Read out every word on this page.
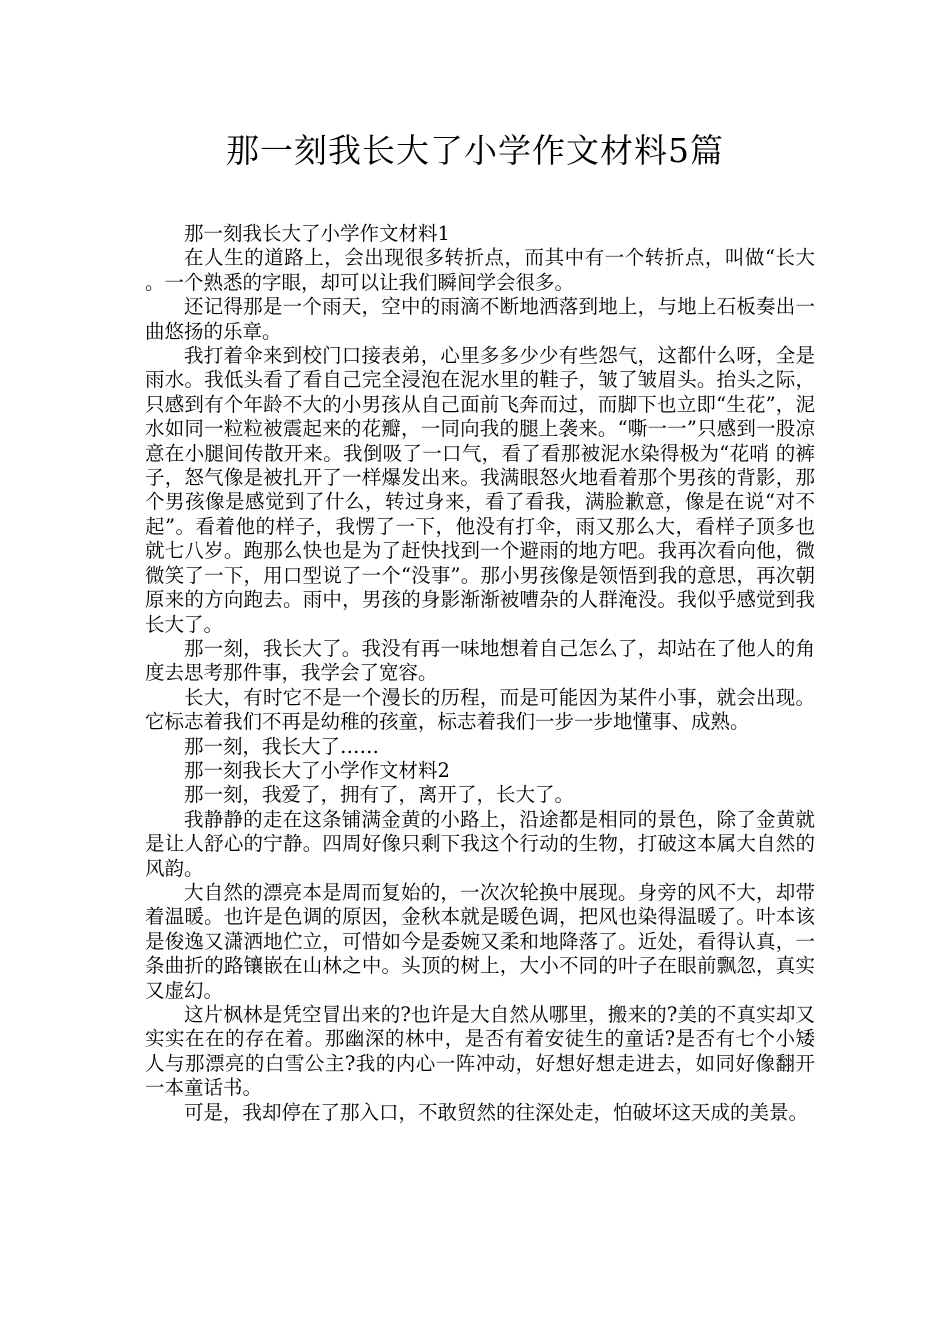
那一刻我长大了小学作文材料5篇

那一刻我长大了小学作文材料1

在人生的道路上，会出现很多转折点，而其中有一个转折点，叫做“长大 。一个熟悉的字眼，却可以让我们瞬间学会很多。

还记得那是一个雨天，空中的雨滴不断地洒落到地上，与地上石板奏出一曲悠扬的乐章。

我打着伞来到校门口接表弟，心里多多少少有些怨气，这都什么呀，全是雨水。我低头看了看自己完全浸泡在泥水里的鞋子，皱了皱眉头。抬头之际，只感到有个年龄不大的小男孩从自己面前飞奔而过，而脚下也立即“生花”，泥水如同一粒粒被震起来的花瓣，一同向我的腿上袭来。“嘶一一”只感到一股凉意在小腿间传散开来。我倒吸了一口气，看了看那被泥水染得极为“花哨 的裤子，怒气像是被扎开了一样爆发出来。我满眼怒火地看着那个男孩的背影，那个男孩像是感觉到了什么，转过身来，看了看我，满脸歉意，像是在说“对不起”。看着他的样子，我愣了一下，他没有打伞，雨又那么大，看样子顶多也就七八岁。跑那么快也是为了赶快找到一个避雨的地方吧。我再次看向他，微微笑了一下，用口型说了一个“没事”。那小男孩像是领悟到我的意思，再次朝原来的方向跑去。雨中，男孩的身影渐渐被嘈杂的人群淹没。我似乎感觉到我长大了。

那一刻，我长大了。我没有再一味地想着自己怎么了，却站在了他人的角度去思考那件事，我学会了宽容。

长大，有时它不是一个漫长的历程，而是可能因为某件小事，就会出现。它标志着我们不再是幼稚的孩童，标志着我们一步一步地懂事、成熟。

那一刻，我长大了……

那一刻我长大了小学作文材料2

那一刻，我爱了，拥有了，离开了，长大了。

我静静的走在这条铺满金黄的小路上，沿途都是相同的景色，除了金黄就是让人舒心的宁静。四周好像只剩下我这个行动的生物，打破这本属大自然的风韵。

大自然的漂亮本是周而复始的，一次次轮换中展现。身旁的风不大，却带着温暖。也许是色调的原因，金秋本就是暖色调，把风也染得温暖了。叶本该是俊逸又潇洒地伫立，可惜如今是委婉又柔和地降落了。近处，看得认真，一条曲折的路镶嵌在山林之中。头顶的树上，大小不同的叶子在眼前飘忽，真实又虚幻。

这片枫林是凭空冒出来的?也许是大自然从哪里，搬来的?美的不真实却又实实在在的存在着。那幽深的林中，是否有着安徒生的童话?是否有七个小矮人与那漂亮的白雪公主?我的内心一阵冲动，好想好想走进去，如同好像翻开一本童话书。

可是，我却停在了那入口，不敢贸然的往深处走，怕破坏这天成的美景。
